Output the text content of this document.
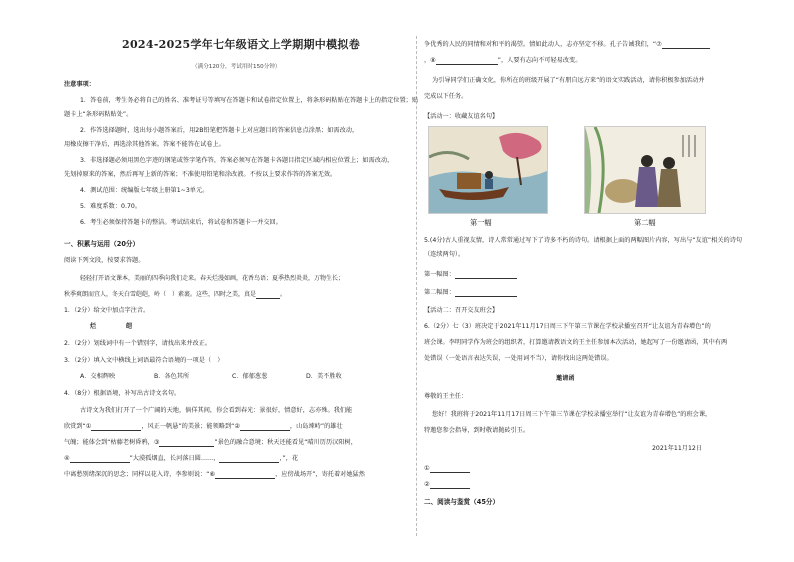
2024-2025学年七年级语文上学期期中模拟卷
（满分120分，考试用时150分钟）
注意事项：
1．答卷前，考生务必将自己的姓名、准考证号等填写在答题卡和试卷指定位置上，将条形码粘贴在答题卡上的指定位置；贴
题卡上“条形码粘贴处”。
2．作答选择题时，选出每小题答案后，用2B铅笔把答题卡上对应题目的答案信息点涂黑；如需改动，
用橡皮擦干净后，再选涂其他答案。答案不能答在试卷上。
3．非选择题必须用黑色字迹的钢笔或签字笔作答，答案必须写在答题卡各题目指定区域内相应位置上；如需改动，
先划掉原来的答案，然后再写上新的答案；不准使用铅笔和涂改液。不按以上要求作答的答案无效。
4．测试范围：统编版七年级上册第1~3单元。
5．难度系数：0.70。
6．考生必须保持答题卡的整洁。考试结束后，将试卷和答题卡一并交回。
一、积累与运用（20分）
阅读下列文段，按要求答题。
轻轻打开语文课本，美丽的四季向我们走来。春天烂漫如画，花香鸟语；夏季热烈炎炎，万物生长；
秋季爽朗而宜人，冬天白雪皑皑，岭（　）素裹。这些，四时之美，真是	。
1．（2分）给文中加点字注音。
烂	皑
2．（2分）划线词中有一个错别字，请找出来并改正。
3．（2分）填入文中横线上词语最符合语境的一项是（　）
A．交相辉映	B．各色其所	C．郁郁葱葱	D．美不胜收
4．（8分）根据语境，补写出古诗文名句。
古诗文为我们打开了一个广阔的天地，倘佯其间，你会看到春光：景很好，情意好，志亦殊。我们能
欣赏到“①	，风正一帆悬”的美景；能领略到“②	，山岛竦峙”的雄壮
气魄；能体会到“枯藤老树昏鸦，③	”景色的融合意境；秋天还能看见“晴川历历汉阳树，
④	”大漠孤烟直，长河落日圆……，	，”，花
中离愁别绪深沉的思念；同样以花入诗，李参则说：“⑥	，应傍战场开”，寄托着对她猛然
争优秀的人民的同情和对和平的渴望。情如此动人，志亦坚定不移。孔子告诫我们，“⑦
，⑧	”，人要有志向不可轻易改变。
为引导同学们正确文化，你所在的班级开展了“有朋自远方来”的语文实践活动，请你积极参加活动并
完成以下任务。
【活动一：收藏友谊名句】
第一幅	第二幅
5.(4分)古人重视友情，诗人常常通过写下了诗多不朽的诗句。请根据上面的两幅图片内容，写出与“友谊”相关的诗句
（连续两句）。
第一幅图：
第二幅图：
【活动二：召开交友班会】
6.（2分）七（3）班决定于2021年11月17日周三下午第三节课在学校录播室召开“让友谊为青春增色”的
班会课。李明同学作为班会的组织者，打算邀请教语文的王主任参加本次活动，她起写了一份邀请函，其中有两
处错误（一处语言表达失误，一处用词不当），请你找出这两处错误。
邀请函
尊敬的王主任：
您好！我班将于2021年11月17日周三下午第三节课在学校录播室举行“让友谊为青春增色”的班会课，
特邀您参会指导，到时敬请抛砖引玉。
2021年11月12日
①
②
二、阅读与鉴赏（45分）
